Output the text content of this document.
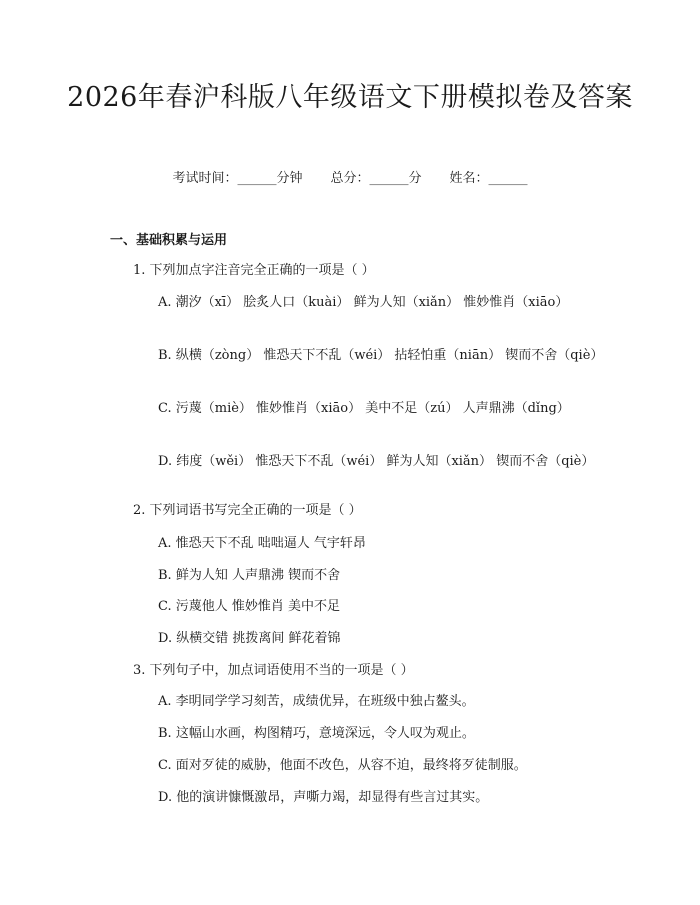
2026年春沪科版八年级语文下册模拟卷及答案
考试时间：______分钟 总分：______分 姓名：______
一、基础积累与运用
1. 下列加点字注音完全正确的一项是（ ）
A. 潮汐（xī） 脍炙人口（kuài） 鲜为人知（xiǎn） 惟妙惟肖（xiāo）
B. 纵横（zòng） 惟恐天下不乱（wéi） 拈轻怕重（niān） 锲而不舍（qiè）
C. 污蔑（miè） 惟妙惟肖（xiāo） 美中不足（zú） 人声鼎沸（dǐng）
D. 纬度（wěi） 惟恐天下不乱（wéi） 鲜为人知（xiǎn） 锲而不舍（qiè）
2. 下列词语书写完全正确的一项是（ ）
A. 惟恐天下不乱 咄咄逼人 气宇轩昂
B. 鲜为人知 人声鼎沸 锲而不舍
C. 污蔑他人 惟妙惟肖 美中不足
D. 纵横交错 挑拨离间 鲜花着锦
3. 下列句子中，加点词语使用不当的一项是（ ）
A. 李明同学学习刻苦，成绩优异，在班级中独占鳌头。
B. 这幅山水画，构图精巧，意境深远，令人叹为观止。
C. 面对歹徒的威胁，他面不改色，从容不迫，最终将歹徒制服。
D. 他的演讲慷慨激昂，声嘶力竭，却显得有些言过其实。
